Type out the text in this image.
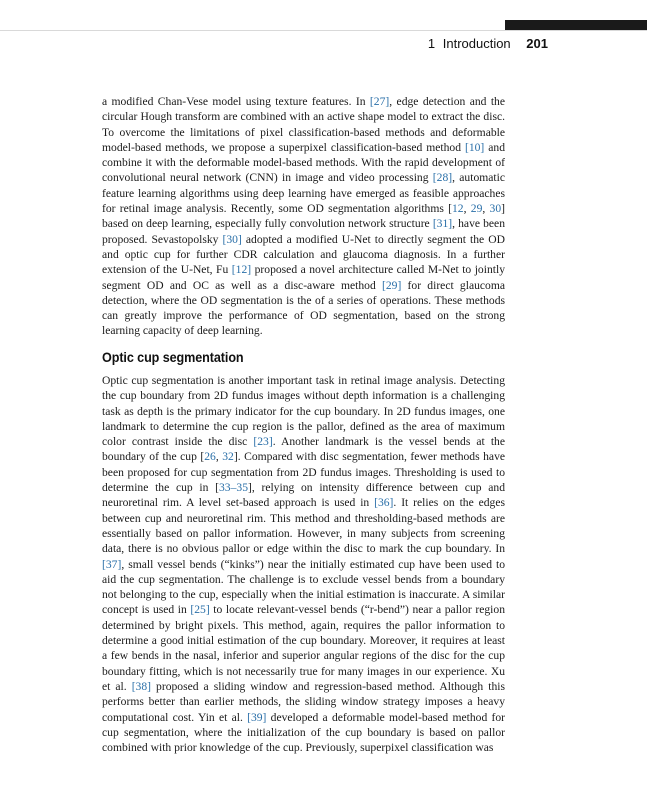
1 Introduction 201

a modified Chan-Vese model using texture features. In [27], edge detection and the circular Hough transform are combined with an active shape model to extract the disc. To overcome the limitations of pixel classification-based methods and deformable model-based methods, we propose a superpixel classification-based method [10] and combine it with the deformable model-based methods. With the rapid development of convolutional neural network (CNN) in image and video processing [28], automatic feature learning algorithms using deep learning have emerged as feasible approaches for retinal image analysis. Recently, some OD segmentation algorithms [12, 29, 30] based on deep learning, especially fully convolution network structure [31], have been proposed. Sevastopolsky [30] adopted a modified U-Net to directly segment the OD and optic cup for further CDR calculation and glaucoma diagnosis. In a further extension of the U-Net, Fu [12] proposed a novel architecture called M-Net to jointly segment OD and OC as well as a disc-aware method [29] for direct glaucoma detection, where the OD segmentation is the of a series of operations. These methods can greatly improve the performance of OD segmentation, based on the strong learning capacity of deep learning.

Optic cup segmentation

Optic cup segmentation is another important task in retinal image analysis. Detecting the cup boundary from 2D fundus images without depth information is a challenging task as depth is the primary indicator for the cup boundary. In 2D fundus images, one landmark to determine the cup region is the pallor, defined as the area of maximum color contrast inside the disc [23]. Another landmark is the vessel bends at the boundary of the cup [26, 32]. Compared with disc segmentation, fewer methods have been proposed for cup segmentation from 2D fundus images. Thresholding is used to determine the cup in [33–35], relying on intensity difference between cup and neuroretinal rim. A level set-based approach is used in [36]. It relies on the edges between cup and neuroretinal rim. This method and thresholding-based methods are essentially based on pallor information. However, in many subjects from screening data, there is no obvious pallor or edge within the disc to mark the cup boundary. In [37], small vessel bends (“kinks”) near the initially estimated cup have been used to aid the cup segmentation. The challenge is to exclude vessel bends from a boundary not belonging to the cup, especially when the initial estimation is inaccurate. A similar concept is used in [25] to locate relevant-vessel bends (“r-bend”) near a pallor region determined by bright pixels. This method, again, requires the pallor information to determine a good initial estimation of the cup boundary. Moreover, it requires at least a few bends in the nasal, inferior and superior angular regions of the disc for the cup boundary fitting, which is not necessarily true for many images in our experience. Xu et al. [38] proposed a sliding window and regression-based method. Although this performs better than earlier methods, the sliding window strategy imposes a heavy computational cost. Yin et al. [39] developed a deformable model-based method for cup segmentation, where the initialization of the cup boundary is based on pallor combined with prior knowledge of the cup. Previously, superpixel classification was
